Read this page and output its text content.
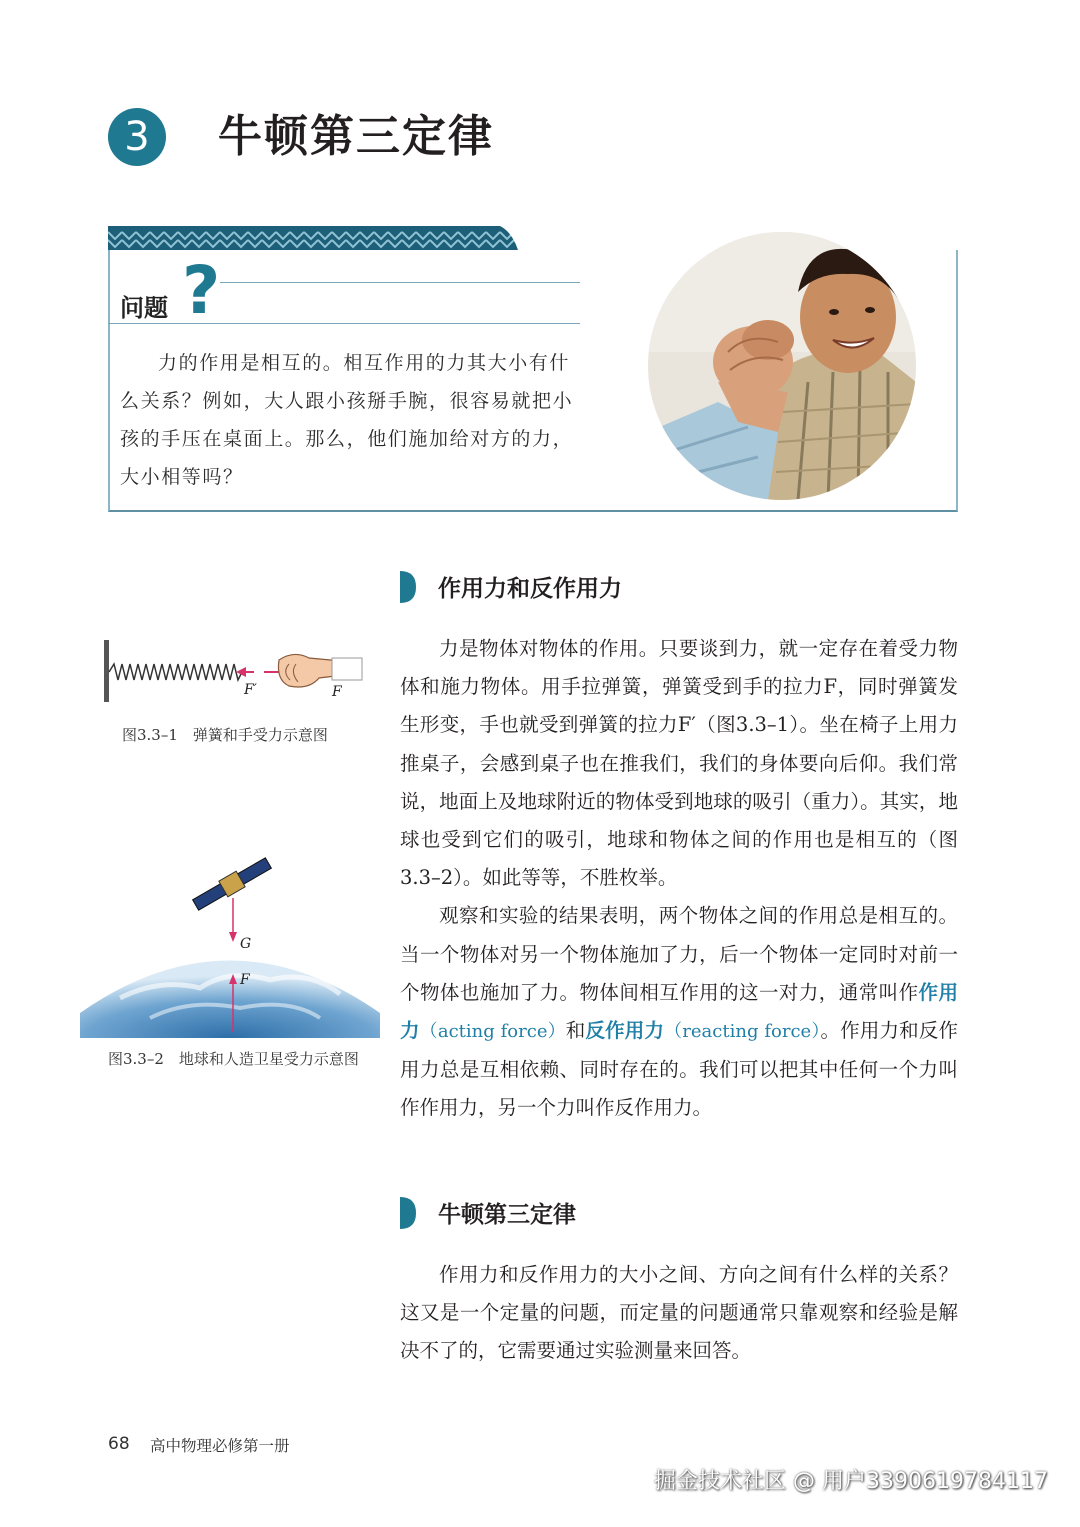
3	牛顿第三定律
问题 ?

力的作用是相互的。相互作用的力其大小有什么关系？例如，大人跟小孩掰手腕，很容易就把小孩的手压在桌面上。那么，他们施加给对方的力，大小相等吗？

作用力和反作用力
F′	F
图3.3–1　弹簧和手受力示意图
G
F
图3.3–2　地球和人造卫星受力示意图

力是物体对物体的作用。只要谈到力，就一定存在着受力物体和施力物体。用手拉弹簧，弹簧受到手的拉力F，同时弹簧发生形变，手也就受到弹簧的拉力F′（图3.3–1）。坐在椅子上用力推桌子，会感到桌子也在推我们，我们的身体要向后仰。我们常说，地面上及地球附近的物体受到地球的吸引（重力）。其实，地球也受到它们的吸引，地球和物体之间的作用也是相互的（图3.3–2）。如此等等，不胜枚举。

观察和实验的结果表明，两个物体之间的作用总是相互的。当一个物体对另一个物体施加了力，后一个物体一定同时对前一个物体也施加了力。物体间相互作用的这一对力，通常叫作作用力（acting force）和反作用力（reacting force）。作用力和反作用力总是互相依赖、同时存在的。我们可以把其中任何一个力叫作作用力，另一个力叫作反作用力。

牛顿第三定律

作用力和反作用力的大小之间、方向之间有什么样的关系？这又是一个定量的问题，而定量的问题通常只靠观察和经验是解决不了的，它需要通过实验测量来回答。

68 高中物理必修第一册
掘金技术社区 @ 用户3390619784117
